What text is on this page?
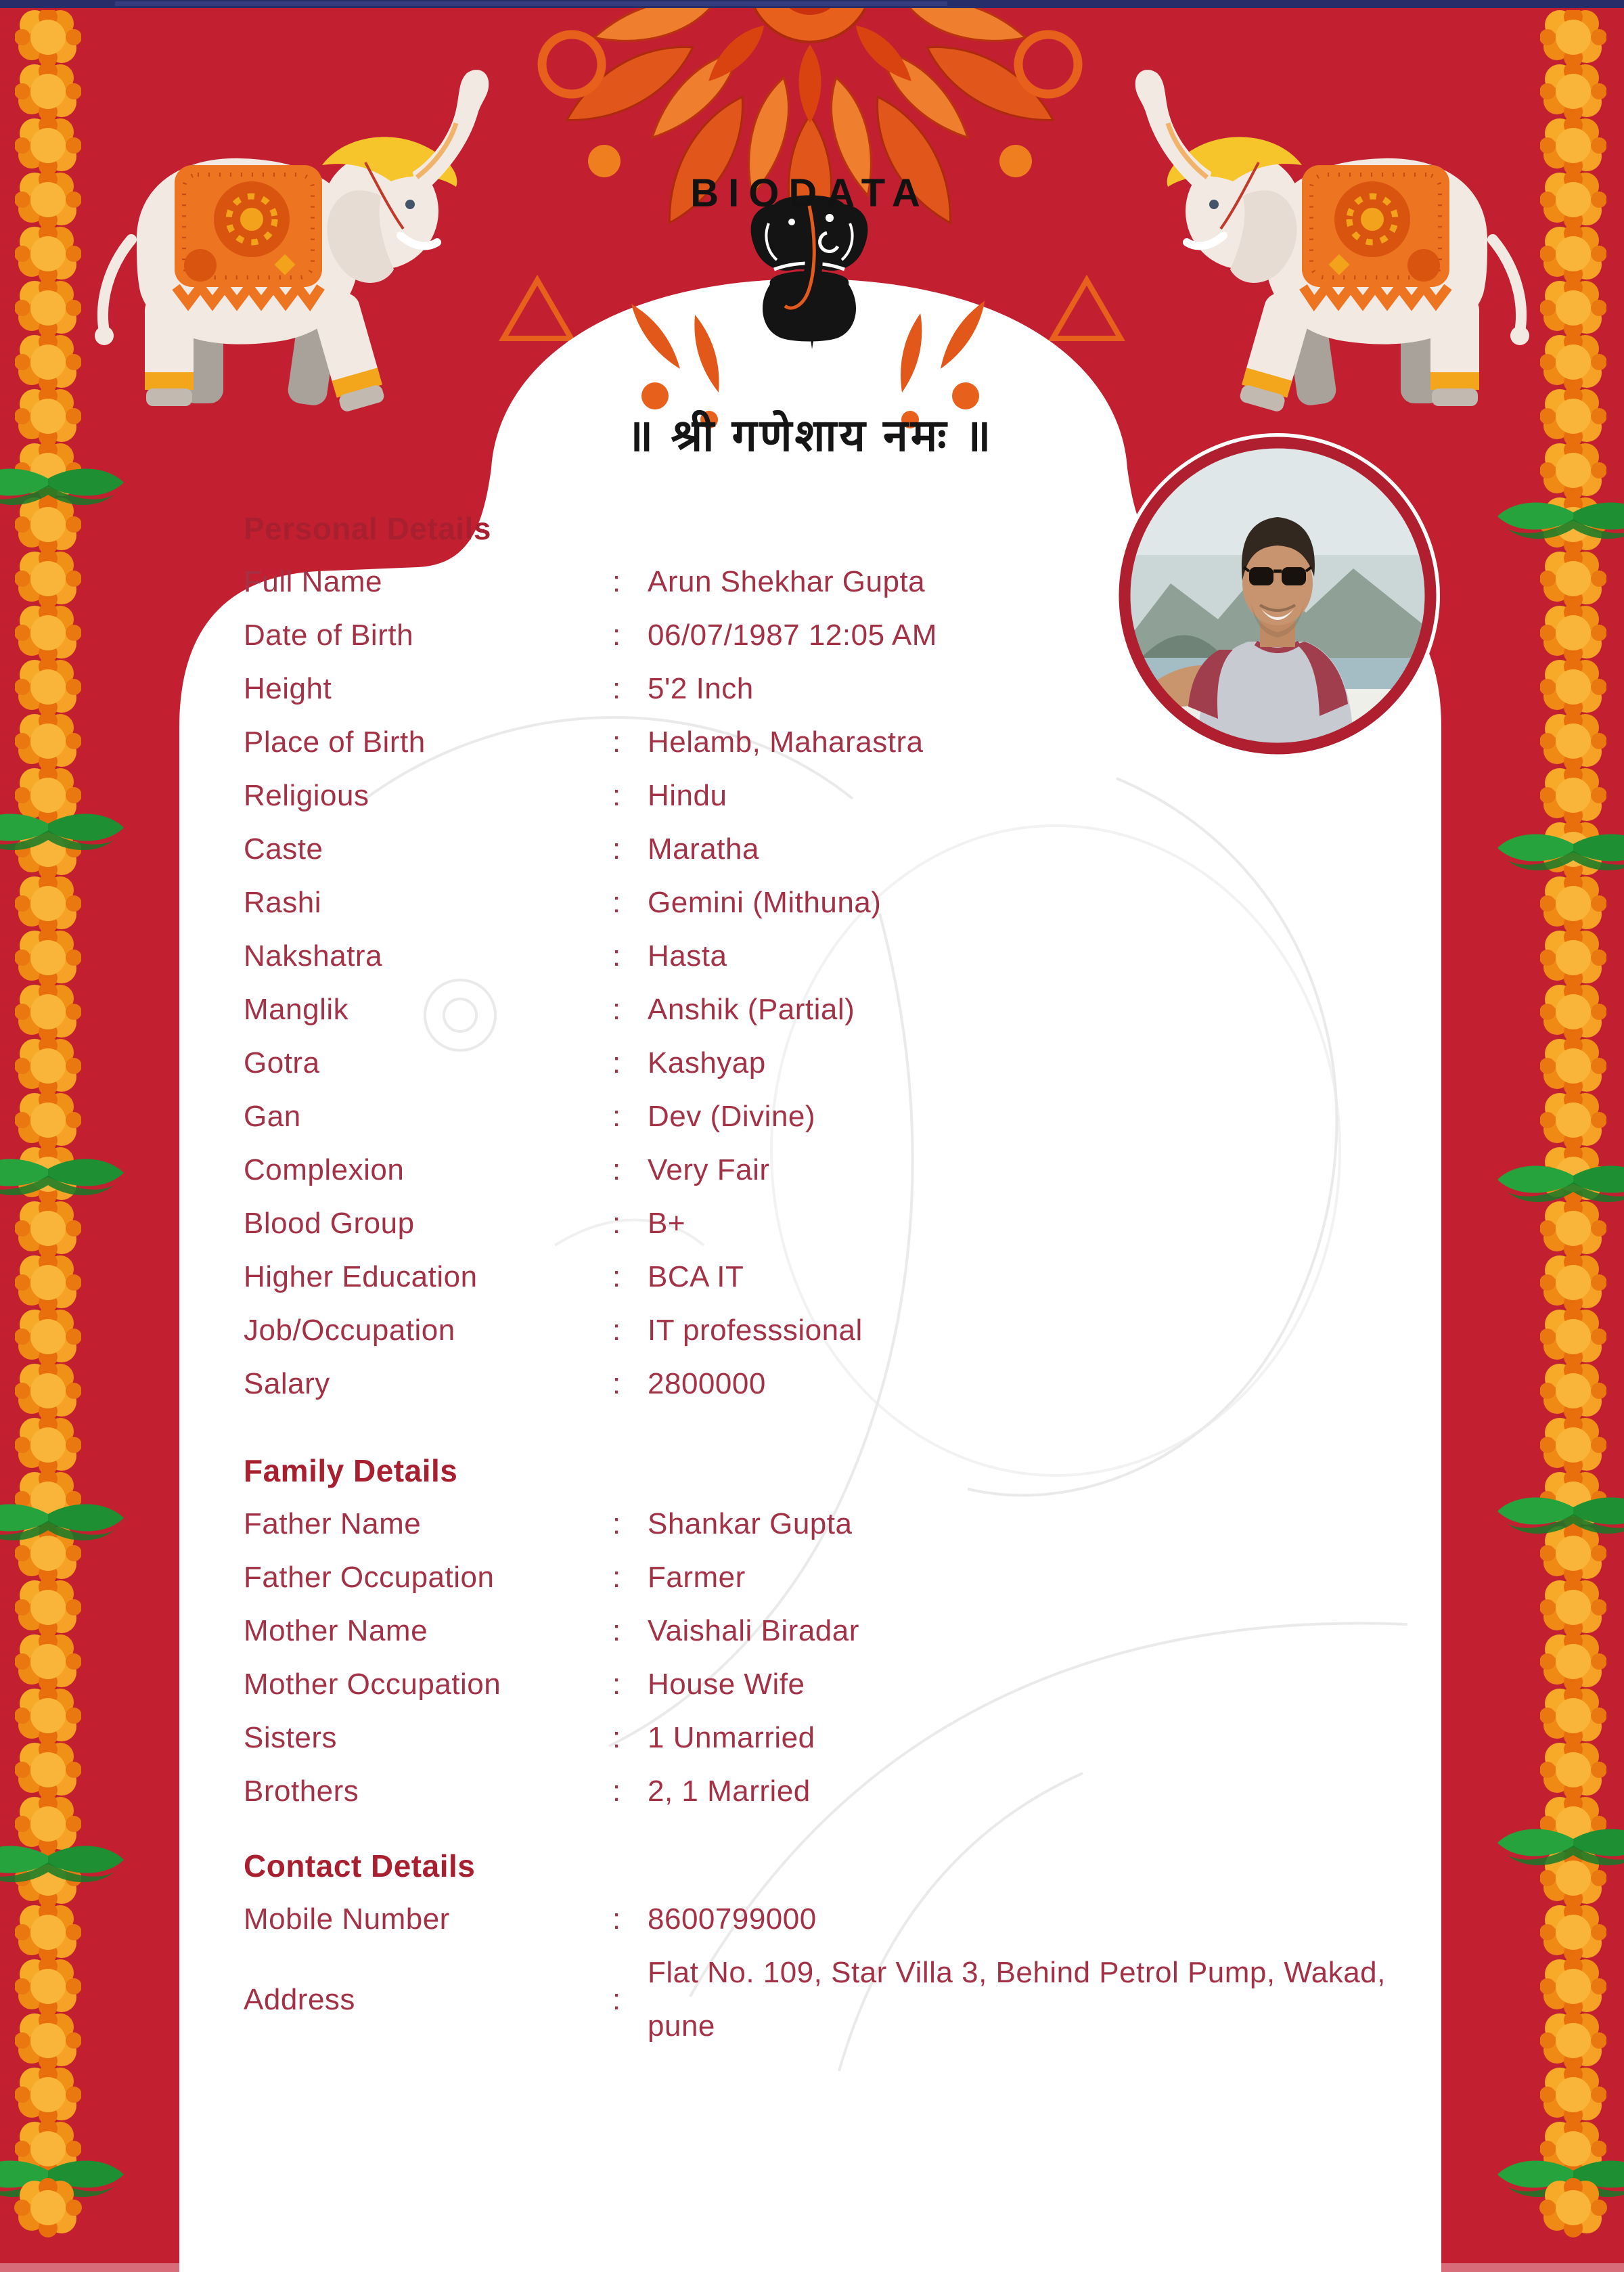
BIODATA
॥ श्री गणेशाय नमः ॥
Personal Details
Full Name	: Arun Shekhar Gupta
Date of Birth	: 06/07/1987 12:05 AM
Height	: 5'2 Inch
Place of Birth	: Helamb, Maharastra
Religious	: Hindu
Caste	: Maratha
Rashi	: Gemini (Mithuna)
Nakshatra	: Hasta
Manglik	: Anshik (Partial)
Gotra	: Kashyap
Gan	: Dev (Divine)
Complexion	: Very Fair
Blood Group	: B+
Higher Education	: BCA IT
Job/Occupation	: IT professsional
Salary	: 2800000
Family Details
Father Name	: Shankar Gupta
Father Occupation	: Farmer
Mother Name	: Vaishali Biradar
Mother Occupation	: House Wife
Sisters	: 1 Unmarried
Brothers	: 2, 1 Married
Contact Details
Mobile Number	: 8600799000
Address	:
Flat No. 109, Star Villa 3, Behind Petrol Pump, Wakad, pune
